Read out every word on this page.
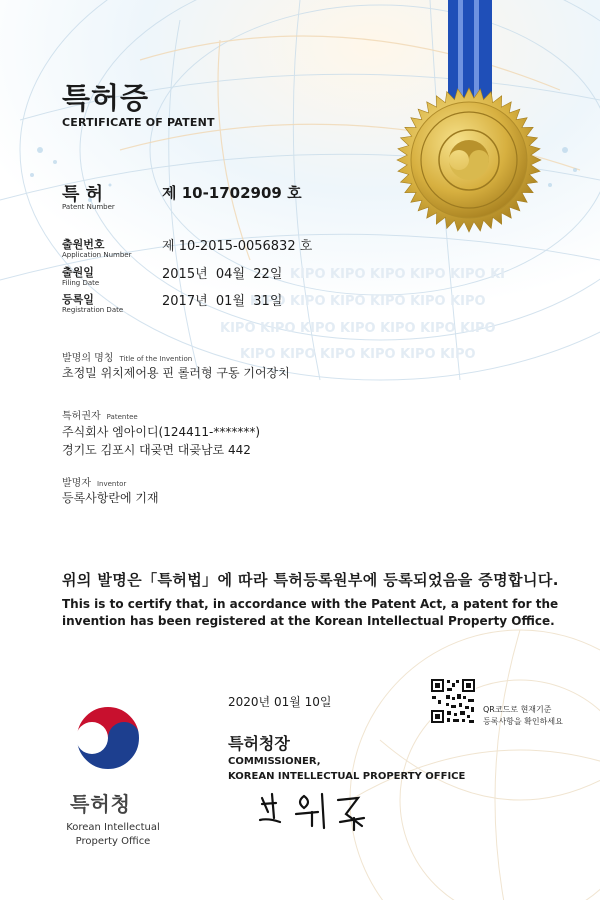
KIPO KIPO KIPO KIPO KIPO KI
KIPO KIPO KIPO KIPO KIPO KIPO
KIPO KIPO KIPO KIPO KIPO KIPO KIPO
KIPO KIPO KIPO KIPO KIPO KIPO
특허증
CERTIFICATE OF PATENT
특 허
Patent Number
제 10-1702909 호
출원번호
Application Number
제 10-2015-0056832 호
출원일
Filing Date
2015년  04월  22일
등록일
Registration Date
2017년  01월  31일
발명의 명칭 Title of the Invention
초정밀 위치제어용 핀 롤러형 구동 기어장치
특허권자 Patentee
주식회사 엠아이디(124411-*******)
경기도 김포시 대곶면 대곶남로 442
발명자 Inventor
등록사항란에 기재
위의 발명은「특허법」에 따라 특허등록원부에 등록되었음을 증명합니다.
This is to certify that, in accordance with the Patent Act, a patent for the invention has been registered at the Korean Intellectual Property Office.
2020년 01월 10일
QR코드로 현재기준
등록사항을 확인하세요
특허청장
COMMISSIONER,
KOREAN INTELLECTUAL PROPERTY OFFICE
특허청
Korean Intellectual
Property Office
